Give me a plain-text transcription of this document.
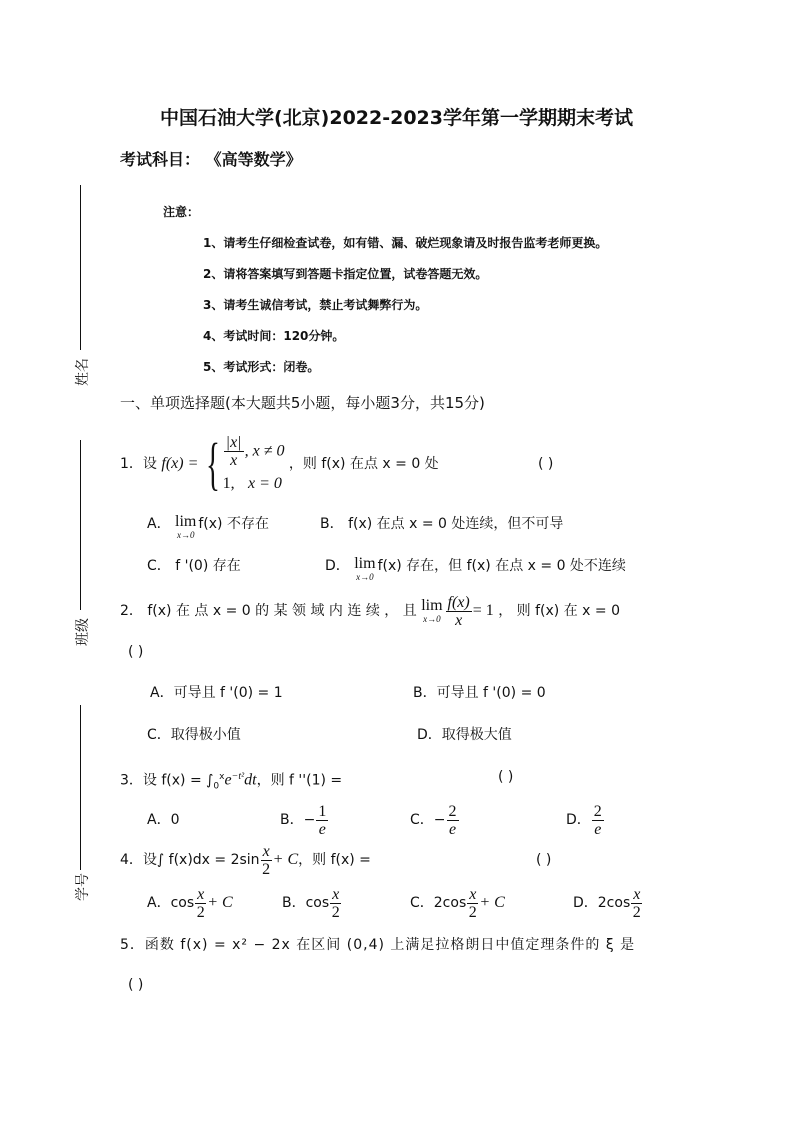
中国石油大学(北京)2022-2023学年第一学期期末考试
考试科目： 《高等数学》
姓名
班级
学号
注意：
1、请考生仔细检查试卷，如有错、漏、破烂现象请及时报告监考老师更换。
2、请将答案填写到答题卡指定位置，试卷答题无效。
3、请考生诚信考试，禁止考试舞弊行为。
4、考试时间：120分钟。
5、考试形式：闭卷。
一、单项选择题(本大题共5小题，每小题3分，共15分)
1．设 f(x) = { $\frac{|x|}{x}$ , x ≠ 0
1, x = 0
，则 f(x) 在点 x = 0 处	( )
A． lim
x→0
f(x) 不存在	B． f(x) 在点 x = 0 处连续，但不可导
C． f '(0) 存在	D． lim
x→0
f(x) 存在，但 f(x) 在点 x = 0 处不连续
2． f(x) 在 点 x = 0 的 某 领 域 内 连 续 ， 且 lim
$x\to 0 \frac{f(x)}{x} = 1$ ， 则 f(x) 在 x = 0
( )
A．可导且 f '(0) = 1	B．可导且 f '(0) = 0
C．取得极小值	D．取得极大值
3．设 $f(x) = \int_0^xe^{-t^2}dt$，则 f ''(1) =	( )
A．0	B．− $\frac{1}{e}$	C．− $\frac{2}{e}$	D． $\frac{2}{e}$
4．设∫ $f(x)dx = 2\sin \frac{x}{2} + C$，则 f(x) =	( )
A．$\cos \frac{x}{2} + C$	B．$\cos \frac{x}{2}$	C．$2\cos \frac{x}{2} + C$	D．$2\cos \frac{x}{2}$
5．函数 f(x) = x² − 2x 在区间 (0,4) 上满足拉格朗日中值定理条件的 ξ 是
( )
